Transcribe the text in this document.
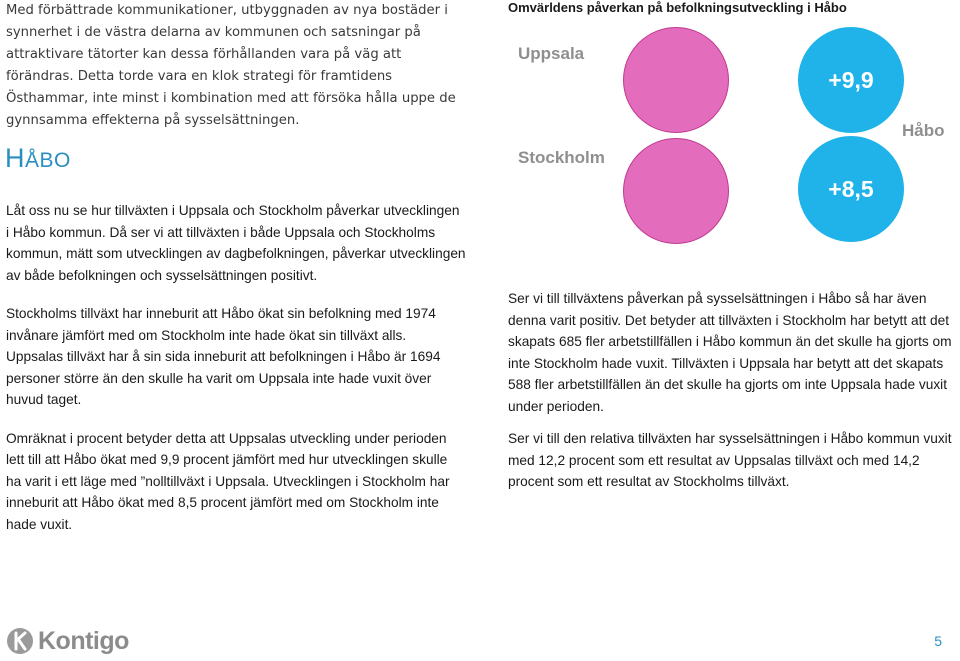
Med förbättrade kommunikationer, utbyggnaden av nya bostäder i synnerhet i de västra delarna av kommunen och satsningar på attraktivare tätorter kan dessa förhållanden vara på väg att förändras. Detta torde vara en klok strategi för framtidens Östhammar, inte minst i kombination med att försöka hålla uppe de gynnsamma effekterna på sysselsättningen.
HÅBO

Låt oss nu se hur tillväxten i Uppsala och Stockholm påverkar utvecklingen i Håbo kommun. Då ser vi att tillväxten i både Uppsala och Stockholms kommun, mätt som utvecklingen av dagbefolkningen, påverkar utvecklingen av både befolkningen och sysselsättningen positivt.

Stockholms tillväxt har inneburit att Håbo ökat sin befolkning med 1974 invånare jämfört med om Stockholm inte hade ökat sin tillväxt alls. Uppsalas tillväxt har å sin sida inneburit att befolkningen i Håbo är 1694 personer större än den skulle ha varit om Uppsala inte hade vuxit över huvud taget.

Omräknat i procent betyder detta att Uppsalas utveckling under perioden lett till att Håbo ökat med 9,9 procent jämfört med hur utvecklingen skulle ha varit i ett läge med ”nolltillväxt i Uppsala. Utvecklingen i Stockholm har inneburit att Håbo ökat med 8,5 procent jämfört med om Stockholm inte hade vuxit.

Omvärldens påverkan på befolkningsutveckling i Håbo
Uppsala
Stockholm
Håbo
+9,9
+8,5

Ser vi till tillväxtens påverkan på sysselsättningen i Håbo så har även denna varit positiv. Det betyder att tillväxten i Stockholm har betytt att det skapats 685 fler arbetstillfällen i Håbo kommun än det skulle ha gjorts om inte Stockholm hade vuxit. Tillväxten i Uppsala har betytt att det skapats 588 fler arbetstillfällen än det skulle ha gjorts om inte Uppsala hade vuxit under perioden.

Ser vi till den relativa tillväxten har sysselsättningen i Håbo kommun vuxit med 12,2 procent som ett resultat av Uppsalas tillväxt och med 14,2 procent som ett resultat av Stockholms tillväxt.

Kontigo	5
